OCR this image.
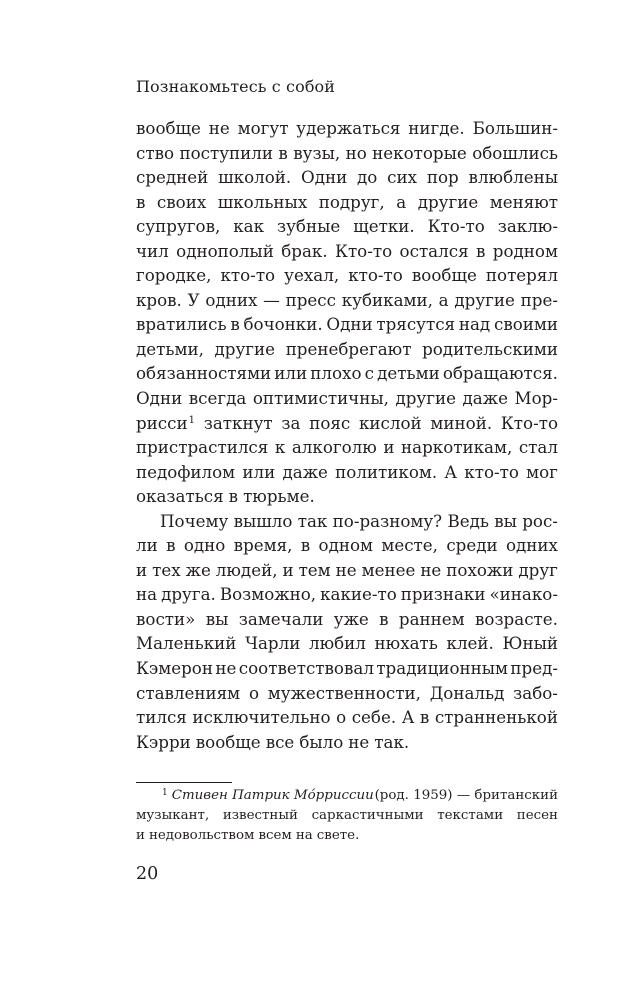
Познакомьтесь с собой
вообще не могут удержаться нигде. Большин-
ство поступили в вузы, но некоторые обошлись
средней школой. Одни до сих пор влюблены
в своих школьных подруг, а другие меняют
супругов, как зубные щетки. Кто-то заклю-
чил однополый брак. Кто-то остался в родном
городке, кто-то уехал, кто-то вообще потерял
кров. У одних — пресс кубиками, а другие пре-
вратились в бочонки. Одни трясутся над своими
детьми, другие пренебрегают родительскими
обязанностями или плохо с детьми обращаются.
Одни всегда оптимистичны, другие даже Мор-
рисси$^1$ заткнут за пояс кислой миной. Кто-то
пристрастился к алкоголю и наркотикам, стал
педофилом или даже политиком. А кто-то мог
оказаться в тюрьме.
Почему вышло так по-разному? Ведь вы рос-
ли в одно время, в одном месте, среди одних
и тех же людей, и тем не менее не похожи друг
на друга. Возможно, какие-то признаки «инако-
вости» вы замечали уже в раннем возрасте.
Маленький Чарли любил нюхать клей. Юный
Кэмерон не соответствовал традиционным пред-
ставлениям о мужественности, Дональд забо-
тился исключительно о себе. А в странненькой
Кэрри вообще все было не так.
$^1$ Стивен Патрик Мо́рриссии (род. 1959) — британский
музыкант, известный саркастичными текстами песен
и недовольством всем на свете.
20
